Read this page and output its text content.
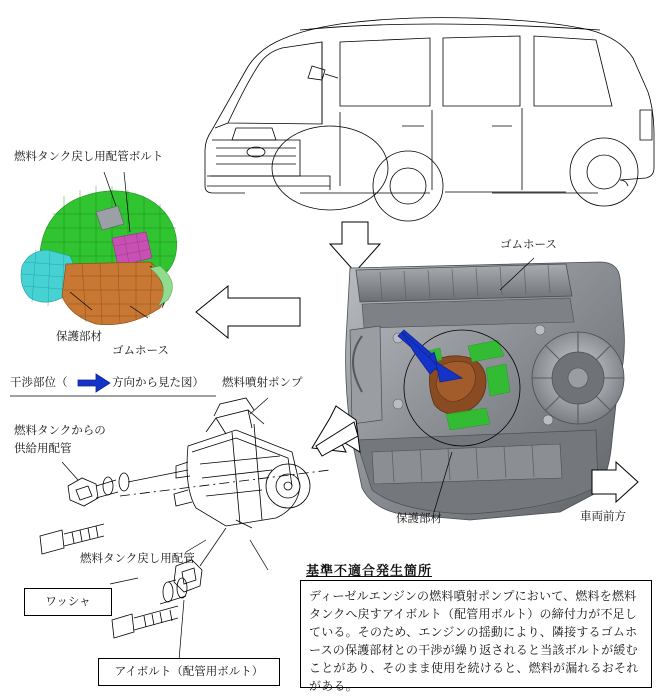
燃料タンク戻し用配管ボルト
保護部材
ゴムホース
干渉部位（	方向から見た図） 燃料噴射ポンプ
燃料タンクからの
供給用配管
燃料タンク戻し用配管
ワッシャ
アイボルト（配管用ボルト）
ゴムホース
保護部材	車両前方
基準不適合発生箇所

ディーゼルエンジンの燃料噴射ポンプにおいて、燃料を燃料タンクへ戻すアイボルト（配管用ボルト）の締付力が不足している。そのため、エンジンの揺動により、隣接するゴムホースの保護部材との干渉が繰り返されると当該ボルトが緩むことがあり、そのまま使用を続けると、燃料が漏れるおそれがある。
